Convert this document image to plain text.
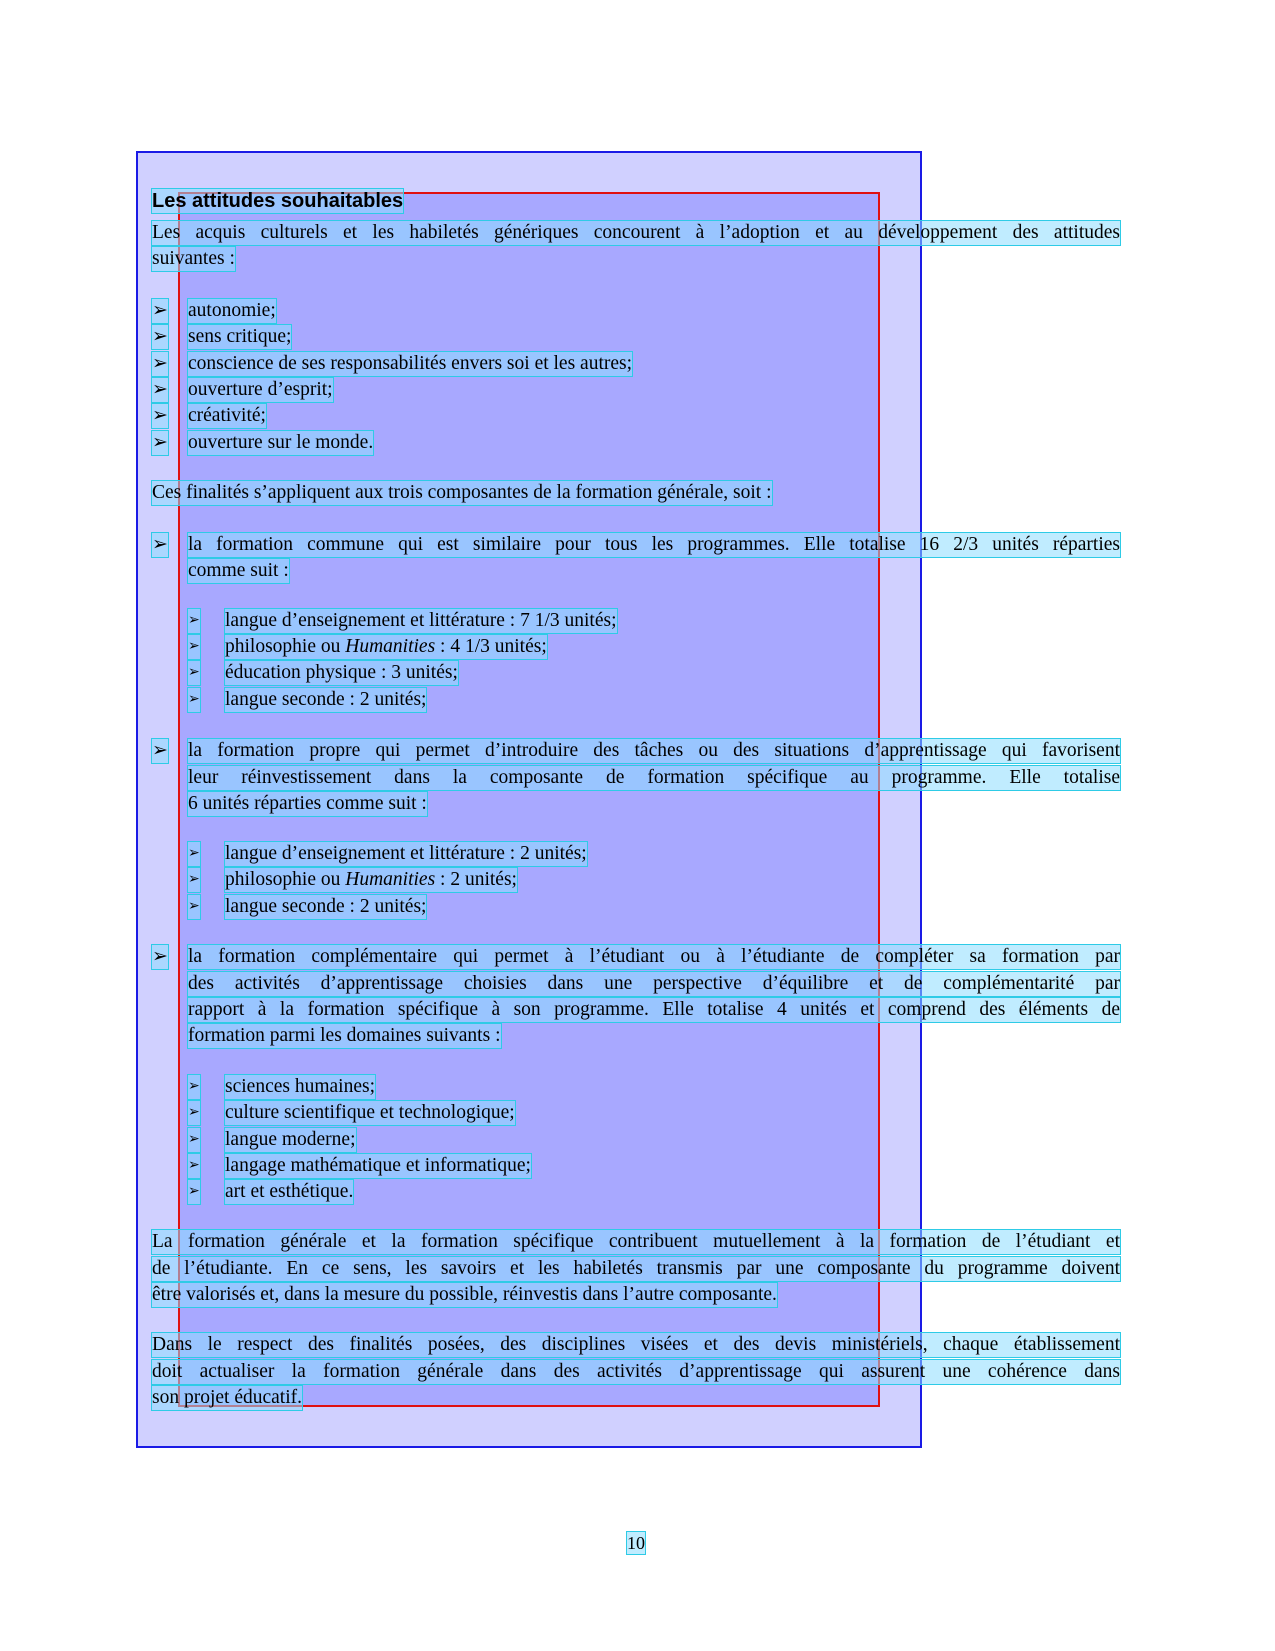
Les attitudes souhaitables
Les acquis culturels et les habiletés génériques concourent à l’adoption et au développement des attitudes
suivantes :
➢ autonomie;
➢ sens critique;
➢ conscience de ses responsabilités envers soi et les autres;
➢ ouverture d’esprit;
➢ créativité;
➢ ouverture sur le monde.
Ces finalités s’appliquent aux trois composantes de la formation générale, soit :
➢ la formation commune qui est similaire pour tous les programmes. Elle totalise 16 2/3 unités réparties
comme suit :
➢ langue d’enseignement et littérature : 7 1/3 unités;
➢ philosophie ou Humanities : 4 1/3 unités;
➢ éducation physique : 3 unités;
➢ langue seconde : 2 unités;
➢ la formation propre qui permet d’introduire des tâches ou des situations d’apprentissage qui favorisent
leur réinvestissement dans la composante de formation spécifique au programme. Elle totalise
6 unités réparties comme suit :
➢ langue d’enseignement et littérature : 2 unités;
➢ philosophie ou Humanities : 2 unités;
➢ langue seconde : 2 unités;
➢ la formation complémentaire qui permet à l’étudiant ou à l’étudiante de compléter sa formation par
des activités d’apprentissage choisies dans une perspective d’équilibre et de complémentarité par
rapport à la formation spécifique à son programme. Elle totalise 4 unités et comprend des éléments de
formation parmi les domaines suivants :
➢ sciences humaines;
➢ culture scientifique et technologique;
➢ langue moderne;
➢ langage mathématique et informatique;
➢ art et esthétique.
La formation générale et la formation spécifique contribuent mutuellement à la formation de l’étudiant et
de l’étudiante. En ce sens, les savoirs et les habiletés transmis par une composante du programme doivent
être valorisés et, dans la mesure du possible, réinvestis dans l’autre composante.
Dans le respect des finalités posées, des disciplines visées et des devis ministériels, chaque établissement
doit actualiser la formation générale dans des activités d’apprentissage qui assurent une cohérence dans
son projet éducatif.
10
